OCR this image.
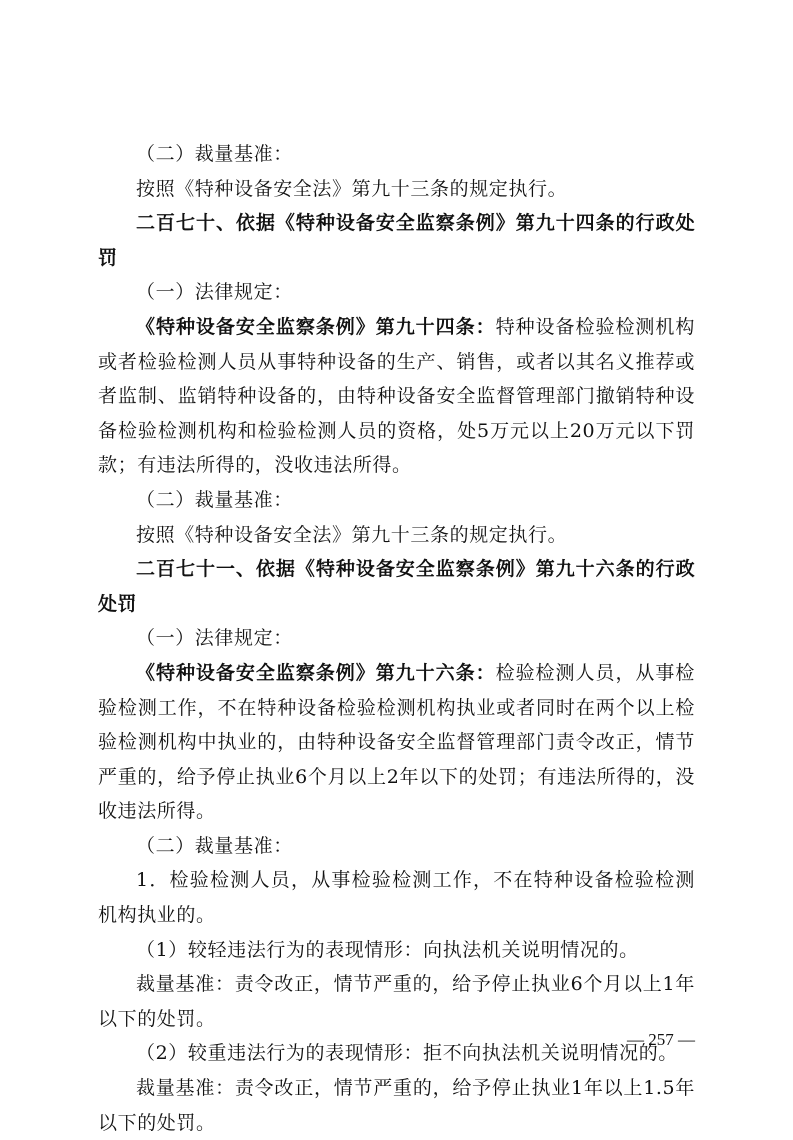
（二）裁量基准：

按照《特种设备安全法》第九十三条的规定执行。

二百七十、依据《特种设备安全监察条例》第九十四条的行政处罚

（一）法律规定：

《特种设备安全监察条例》第九十四条：特种设备检验检测机构或者检验检测人员从事特种设备的生产、销售，或者以其名义推荐或者监制、监销特种设备的，由特种设备安全监督管理部门撤销特种设备检验检测机构和检验检测人员的资格，处5万元以上20万元以下罚款；有违法所得的，没收违法所得。

（二）裁量基准：

按照《特种设备安全法》第九十三条的规定执行。

二百七十一、依据《特种设备安全监察条例》第九十六条的行政处罚

（一）法律规定：

《特种设备安全监察条例》第九十六条：检验检测人员，从事检验检测工作，不在特种设备检验检测机构执业或者同时在两个以上检验检测机构中执业的，由特种设备安全监督管理部门责令改正，情节严重的，给予停止执业6个月以上2年以下的处罚；有违法所得的，没收违法所得。

（二）裁量基准：

1．检验检测人员，从事检验检测工作，不在特种设备检验检测机构执业的。

（1）较轻违法行为的表现情形：向执法机关说明情况的。

裁量基准：责令改正，情节严重的，给予停止执业6个月以上1年以下的处罚。

（2）较重违法行为的表现情形：拒不向执法机关说明情况的。

裁量基准：责令改正，情节严重的，给予停止执业1年以上1.5年以下的处罚。

— 257 —
